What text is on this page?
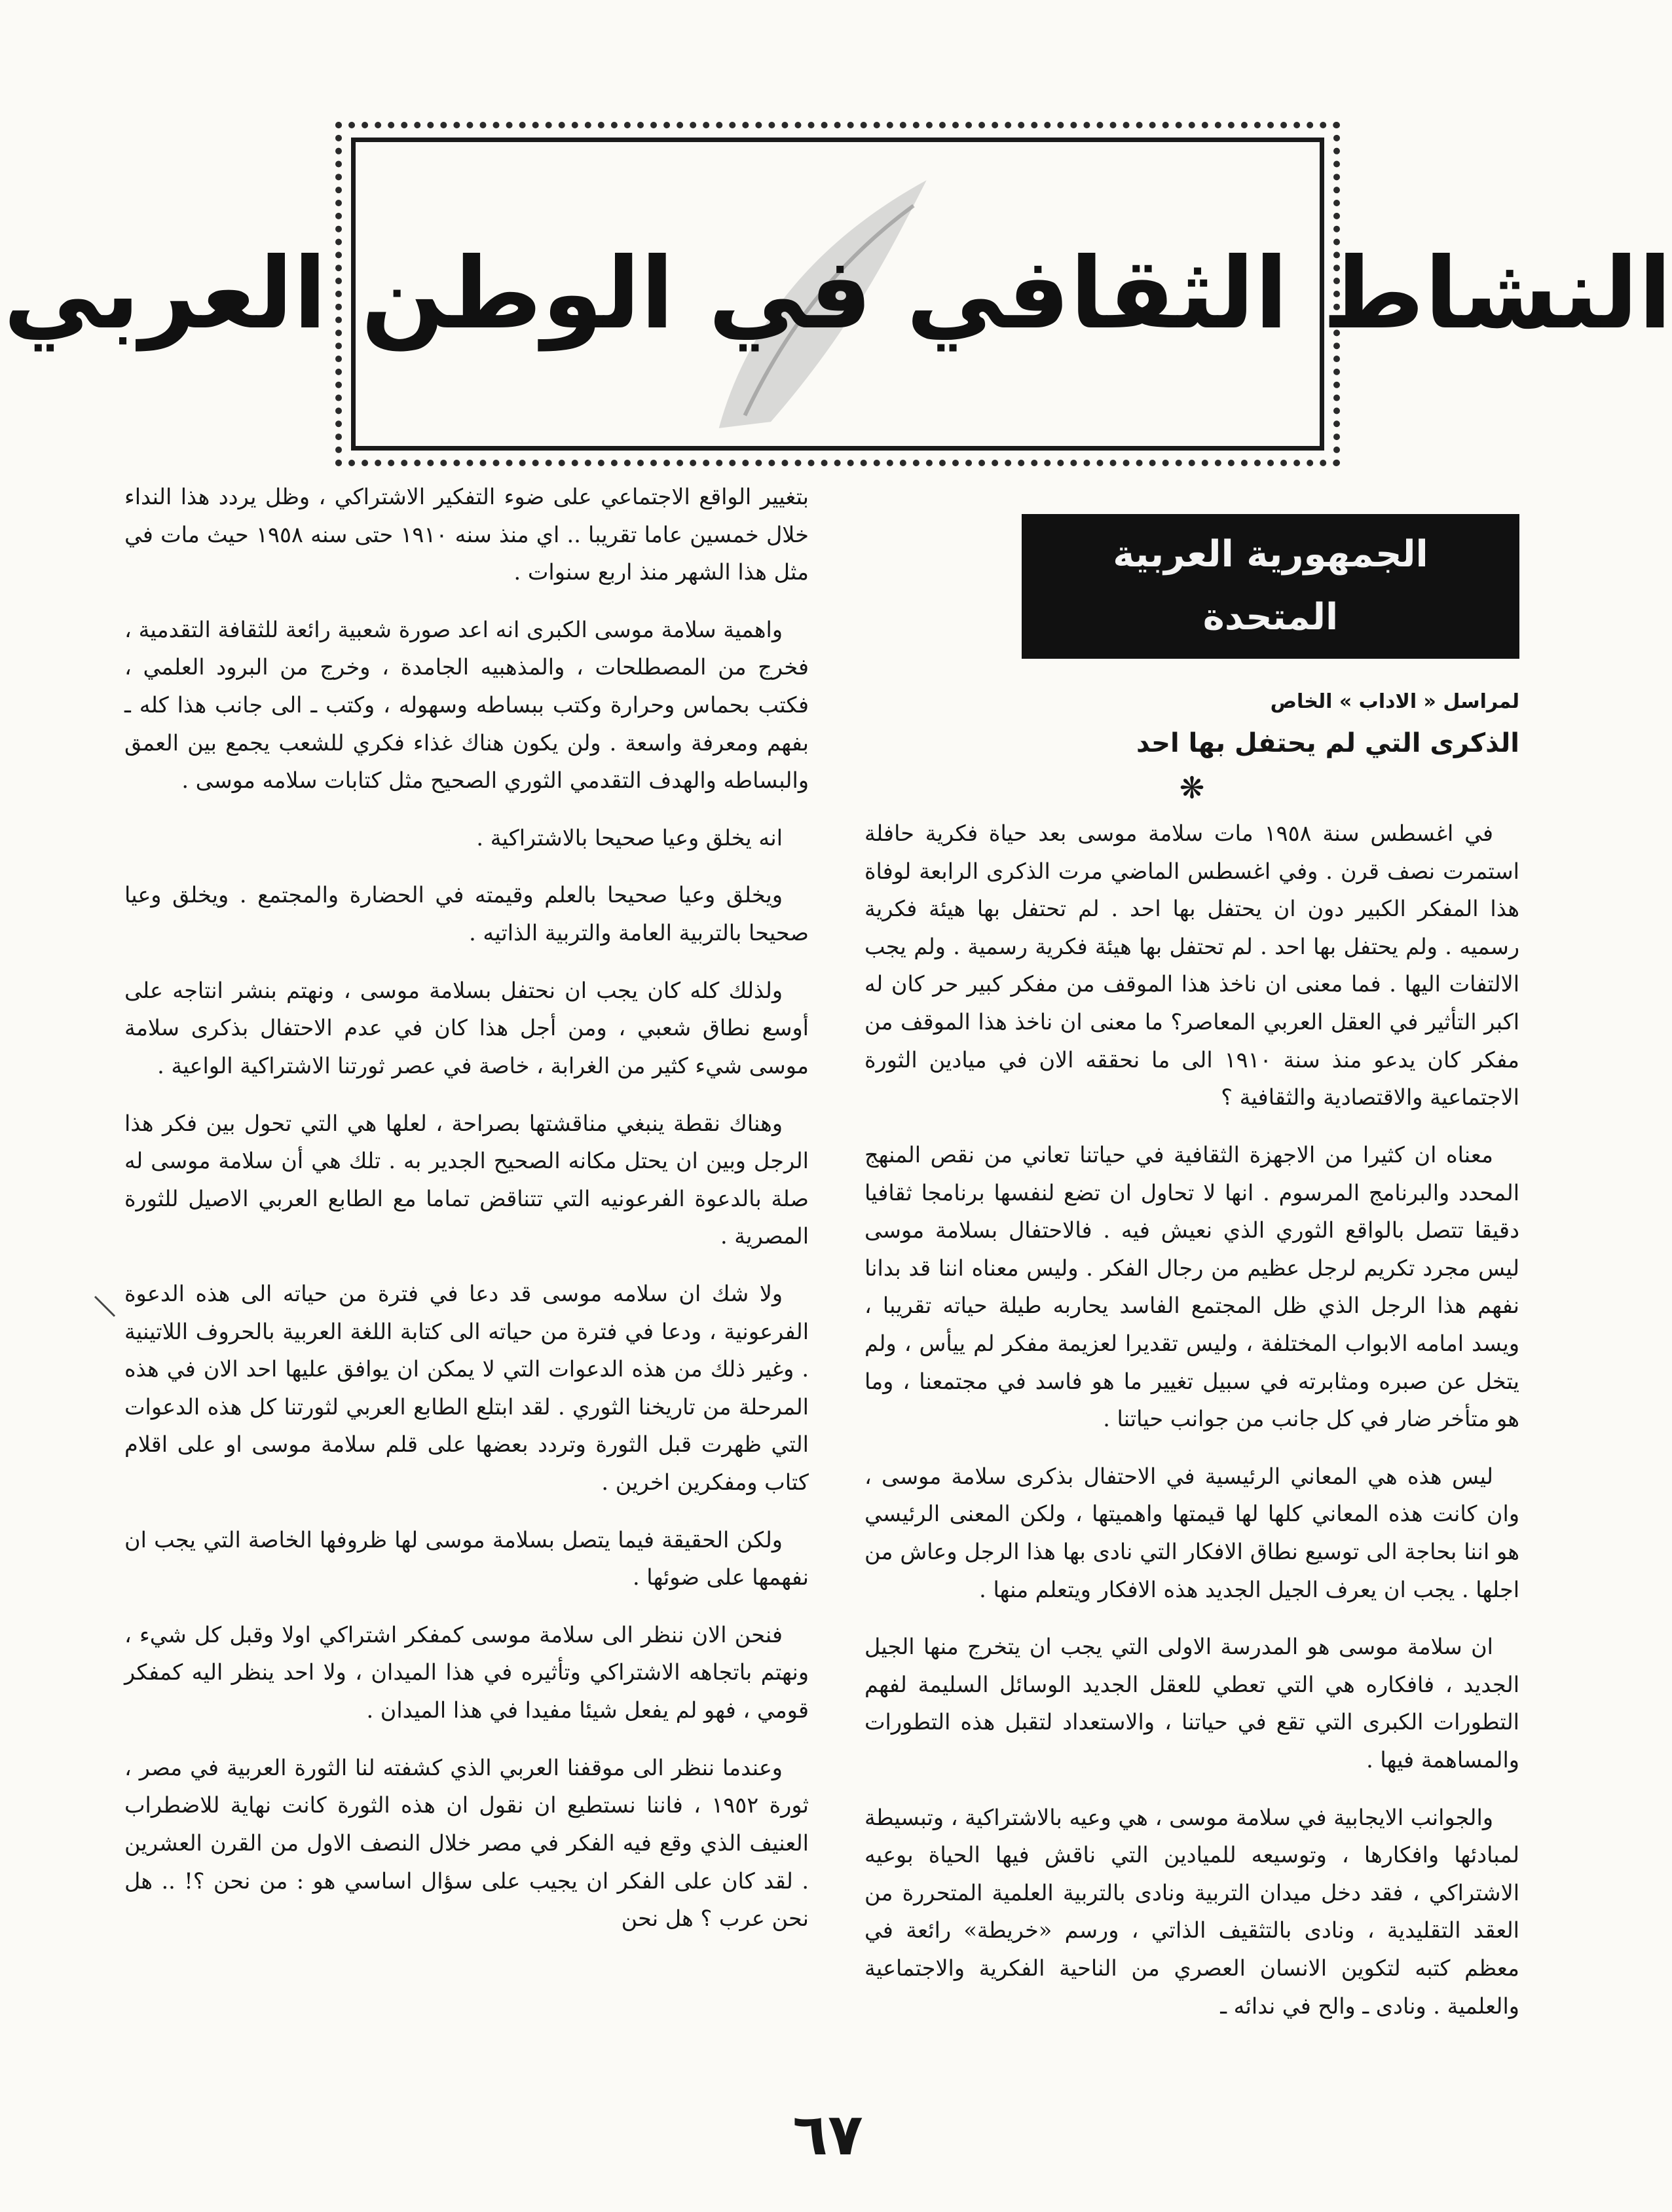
النشاط الثقافي في الوطن العربي
الجمهورية العربية المتحدة
لمراسل « الاداب » الخاص
الذكرى التي لم يحتفل بها احد
❋

في اغسطس سنة ١٩٥٨ مات سلامة موسى بعد حياة فكرية حافلة استمرت نصف قرن . وفي اغسطس الماضي مرت الذكرى الرابعة لوفاة هذا المفكر الكبير دون ان يحتفل بها احد . لم تحتفل بها هيئة فكرية رسميه . ولم يحتفل بها احد . لم تحتفل بها هيئة فكرية رسمية . ولم يجب الالتفات اليها . فما معنى ان ناخذ هذا الموقف من مفكر كبير حر كان له اكبر التأثير في العقل العربي المعاصر؟ ما معنى ان ناخذ هذا الموقف من مفكر كان يدعو منذ سنة ١٩١٠ الى ما نحققه الان في ميادين الثورة الاجتماعية والاقتصادية والثقافية ؟

معناه ان كثيرا من الاجهزة الثقافية في حياتنا تعاني من نقص المنهج المحدد والبرنامج المرسوم . انها لا تحاول ان تضع لنفسها برنامجا ثقافيا دقيقا تتصل بالواقع الثوري الذي نعيش فيه . فالاحتفال بسلامة موسى ليس مجرد تكريم لرجل عظيم من رجال الفكر . وليس معناه اننا قد بدانا نفهم هذا الرجل الذي ظل المجتمع الفاسد يحاربه طيلة حياته تقريبا ، ويسد امامه الابواب المختلفة ، وليس تقديرا لعزيمة مفكر لم ييأس ، ولم يتخل عن صبره ومثابرته في سبيل تغيير ما هو فاسد في مجتمعنا ، وما هو متأخر ضار في كل جانب من جوانب حياتنا .

ليس هذه هي المعاني الرئيسية في الاحتفال بذكرى سلامة موسى ، وان كانت هذه المعاني كلها لها قيمتها واهميتها ، ولكن المعنى الرئيسي هو اننا بحاجة الى توسيع نطاق الافكار التي نادى بها هذا الرجل وعاش من اجلها . يجب ان يعرف الجيل الجديد هذه الافكار ويتعلم منها .

ان سلامة موسى هو المدرسة الاولى التي يجب ان يتخرج منها الجيل الجديد ، فافكاره هي التي تعطي للعقل الجديد الوسائل السليمة لفهم التطورات الكبرى التي تقع في حياتنا ، والاستعداد لتقبل هذه التطورات والمساهمة فيها .

والجوانب الايجابية في سلامة موسى ، هي وعيه بالاشتراكية ، وتبسيطة لمبادئها وافكارها ، وتوسيعه للميادين التي ناقش فيها الحياة بوعيه الاشتراكي ، فقد دخل ميدان التربية ونادى بالتربية العلمية المتحررة من العقد التقليدية ، ونادى بالتثقيف الذاتي ، ورسم «خريطة» رائعة في معظم كتبه لتكوين الانسان العصري من الناحية الفكرية والاجتماعية والعلمية . ونادى ـ والح في ندائه ـ

بتغيير الواقع الاجتماعي على ضوء التفكير الاشتراكي ، وظل يردد هذا النداء خلال خمسين عاما تقريبا .. اي منذ سنه ١٩١٠ حتى سنه ١٩٥٨ حيث مات في مثل هذا الشهر منذ اربع سنوات .

واهمية سلامة موسى الكبرى انه اعد صورة شعبية رائعة للثقافة التقدمية ، فخرج من المصطلحات ، والمذهبيه الجامدة ، وخرج من البرود العلمي ، فكتب بحماس وحرارة وكتب ببساطه وسهوله ، وكتب ـ الى جانب هذا كله ـ بفهم ومعرفة واسعة . ولن يكون هناك غذاء فكري للشعب يجمع بين العمق والبساطه والهدف التقدمي الثوري الصحيح مثل كتابات سلامه موسى .

انه يخلق وعيا صحيحا بالاشتراكية .

ويخلق وعيا صحيحا بالعلم وقيمته في الحضارة والمجتمع . ويخلق وعيا صحيحا بالتربية العامة والتربية الذاتيه .

ولذلك كله كان يجب ان نحتفل بسلامة موسى ، ونهتم بنشر انتاجه على أوسع نطاق شعبي ، ومن أجل هذا كان في عدم الاحتفال بذكرى سلامة موسى شيء كثير من الغرابة ، خاصة في عصر ثورتنا الاشتراكية الواعية .

وهناك نقطة ينبغي مناقشتها بصراحة ، لعلها هي التي تحول بين فكر هذا الرجل وبين ان يحتل مكانه الصحيح الجدير به . تلك هي أن سلامة موسى له صلة بالدعوة الفرعونيه التي تتناقض تماما مع الطابع العربي الاصيل للثورة المصرية .

ولا شك ان سلامه موسى قد دعا في فترة من حياته الى هذه الدعوة الفرعونية ، ودعا في فترة من حياته الى كتابة اللغة العربية بالحروف اللاتينية . وغير ذلك من هذه الدعوات التي لا يمكن ان يوافق عليها احد الان في هذه المرحلة من تاريخنا الثوري . لقد ابتلع الطابع العربي لثورتنا كل هذه الدعوات التي ظهرت قبل الثورة وتردد بعضها على قلم سلامة موسى او على اقلام كتاب ومفكرين اخرين .

ولكن الحقيقة فيما يتصل بسلامة موسى لها ظروفها الخاصة التي يجب ان نفهمها على ضوئها .

فنحن الان ننظر الى سلامة موسى كمفكر اشتراكي اولا وقبل كل شيء ، ونهتم باتجاهه الاشتراكي وتأثيره في هذا الميدان ، ولا احد ينظر اليه كمفكر قومي ، فهو لم يفعل شيئا مفيدا في هذا الميدان .

وعندما ننظر الى موقفنا العربي الذي كشفته لنا الثورة العربية في مصر ، ثورة ١٩٥٢ ، فاننا نستطيع ان نقول ان هذه الثورة كانت نهاية للاضطراب العنيف الذي وقع فيه الفكر في مصر خلال النصف الاول من القرن العشرين . لقد كان على الفكر ان يجيب على سؤال اساسي هو : من نحن ؟! .. هل نحن عرب ؟ هل نحن

٦٧
